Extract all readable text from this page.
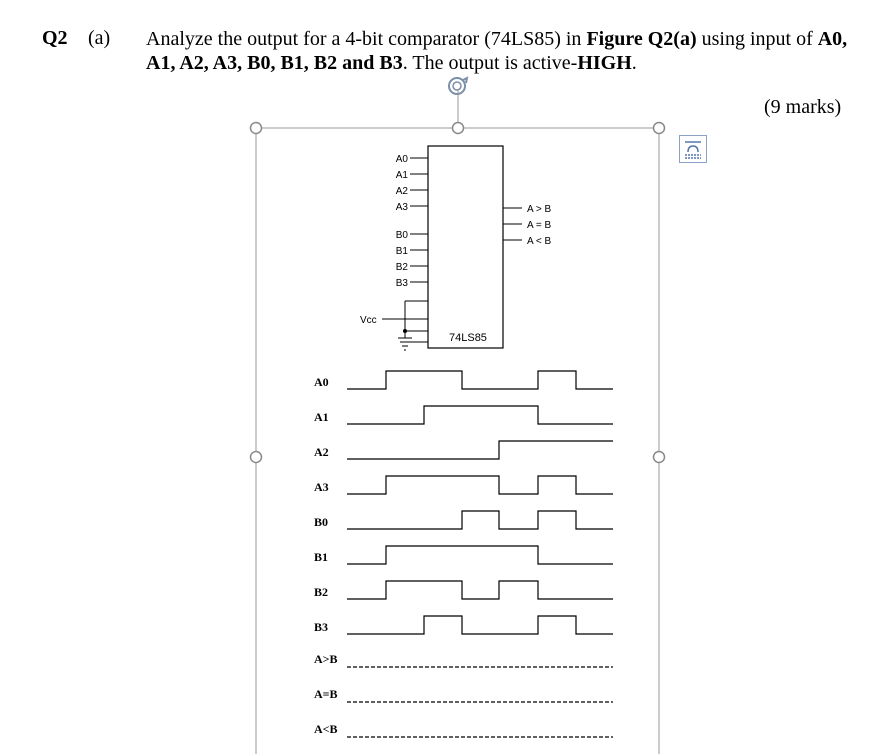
Q2 (a) Analyze the output for a 4-bit comparator (74LS85) in Figure Q2(a) using input of A0, A1, A2, A3, B0, B1, B2 and B3. The output is active-HIGH.
(9 marks)
74LS85
A0
A1
A2
A3
B0
B1
B2
B3
A > B
A = B
A < B
Vcc
A0
A1
A2
A3
B0
B1
B2
B3
A>B
A=B
A<B
